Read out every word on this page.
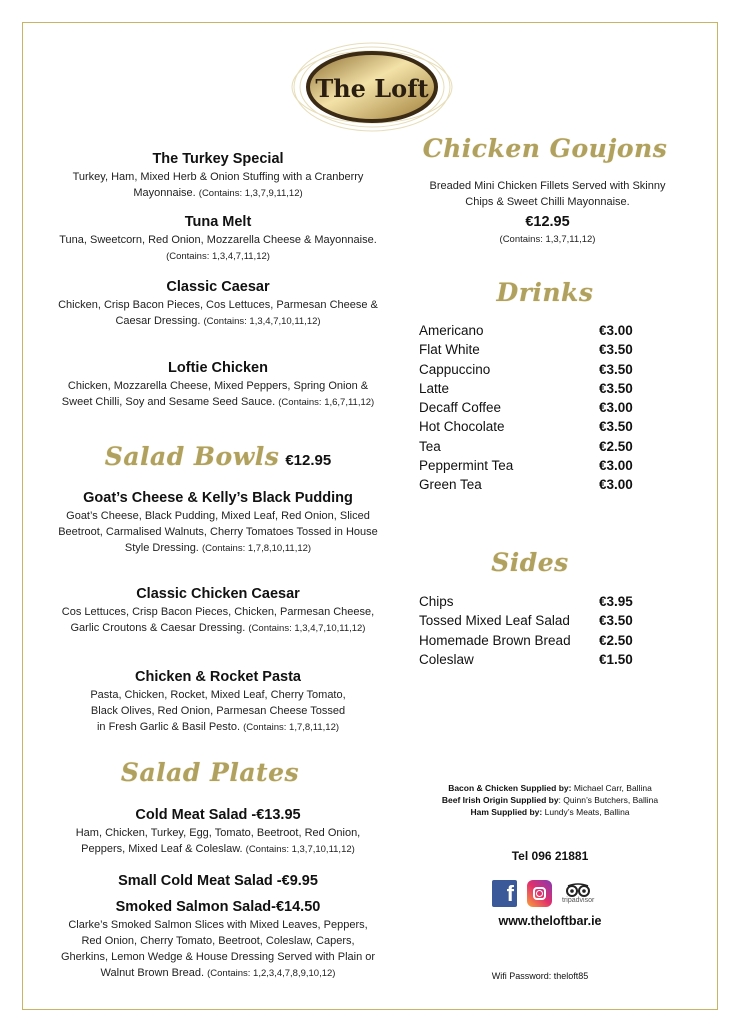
The Loft
The Turkey Special
Turkey, Ham, Mixed Herb & Onion Stuffing with a Cranberry Mayonnaise. (Contains: 1,3,7,9,11,12)
Tuna Melt
Tuna, Sweetcorn, Red Onion, Mozzarella Cheese & Mayonnaise. (Contains: 1,3,4,7,11,12)
Classic Caesar
Chicken, Crisp Bacon Pieces, Cos Lettuces, Parmesan Cheese & Caesar Dressing. (Contains: 1,3,4,7,10,11,12)
Loftie Chicken
Chicken, Mozzarella Cheese, Mixed Peppers, Spring Onion & Sweet Chilli, Soy and Sesame Seed Sauce. (Contains: 1,6,7,11,12)
Salad Bowls €12.95
Goat’s Cheese & Kelly’s Black Pudding
Goat’s Cheese, Black Pudding, Mixed Leaf, Red Onion, Sliced Beetroot, Carmalised Walnuts, Cherry Tomatoes Tossed in House Style Dressing. (Contains: 1,7,8,10,11,12)
Classic Chicken Caesar
Cos Lettuces, Crisp Bacon Pieces, Chicken, Parmesan Cheese, Garlic Croutons & Caesar Dressing. (Contains: 1,3,4,7,10,11,12)
Chicken & Rocket Pasta
Pasta, Chicken, Rocket, Mixed Leaf, Cherry Tomato, Black Olives, Red Onion, Parmesan Cheese Tossed in Fresh Garlic & Basil Pesto. (Contains: 1,7,8,11,12)
Salad Plates
Cold Meat Salad -€13.95
Ham, Chicken, Turkey, Egg, Tomato, Beetroot, Red Onion, Peppers, Mixed Leaf & Coleslaw. (Contains: 1,3,7,10,11,12)
Small Cold Meat Salad -€9.95
Smoked Salmon Salad-€14.50
Clarke’s Smoked Salmon Slices with Mixed Leaves, Peppers, Red Onion, Cherry Tomato, Beetroot, Coleslaw, Capers, Gherkins, Lemon Wedge & House Dressing Served with Plain or Walnut Brown Bread. (Contains: 1,2,3,4,7,8,9,10,12)
Chicken Goujons
Breaded Mini Chicken Fillets Served with Skinny Chips & Sweet Chilli Mayonnaise.
€12.95
(Contains: 1,3,7,11,12)
Drinks
Americano	€3.00
Flat White	€3.50
Cappuccino	€3.50
Latte	€3.50
Decaff Coffee	€3.00
Hot Chocolate	€3.50
Tea	€2.50
Peppermint Tea	€3.00
Green Tea	€3.00
Sides
Chips	€3.95
Tossed Mixed Leaf Salad €3.50
Homemade Brown Bread €2.50
Coleslaw	€1.50
Bacon & Chicken Supplied by: Michael Carr, Ballina
Beef Irish Origin Supplied by: Quinn’s Butchers, Ballina
Ham Supplied by: Lundy’s Meats, Ballina
Tel 096 21881
f	tripadvisor
www.theloftbar.ie
Wifi Password: theloft85
